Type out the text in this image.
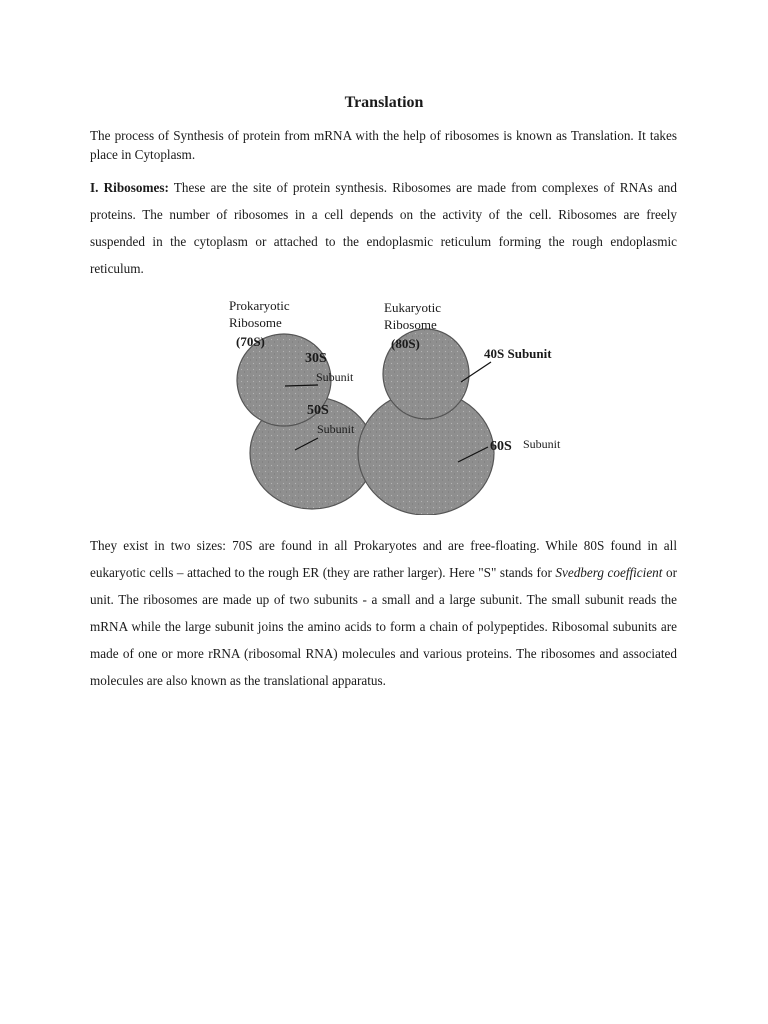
Translation

The process of Synthesis of protein from mRNA with the help of ribosomes is known as Translation. It takes place in Cytoplasm.

I. Ribosomes: These are the site of protein synthesis. Ribosomes are made from complexes of RNAs and proteins. The number of ribosomes in a cell depends on the activity of the cell. Ribosomes are freely suspended in the cytoplasm or attached to the endoplasmic reticulum forming the rough endoplasmic reticulum.

Prokaryotic
Ribosome
(70S)
30S
Subunit
50S
Subunit
Eukaryotic
Ribosome
(80S)
40S Subunit
60S Subunit

They exist in two sizes: 70S are found in all Prokaryotes and are free-floating. While 80S found in all eukaryotic cells – attached to the rough ER (they are rather larger). Here "S" stands for Svedberg coefficient or unit. The ribosomes are made up of two subunits - a small and a large subunit. The small subunit reads the mRNA while the large subunit joins the amino acids to form a chain of polypeptides. Ribosomal subunits are made of one or more rRNA (ribosomal RNA) molecules and various proteins. The ribosomes and associated molecules are also known as the translational apparatus.
